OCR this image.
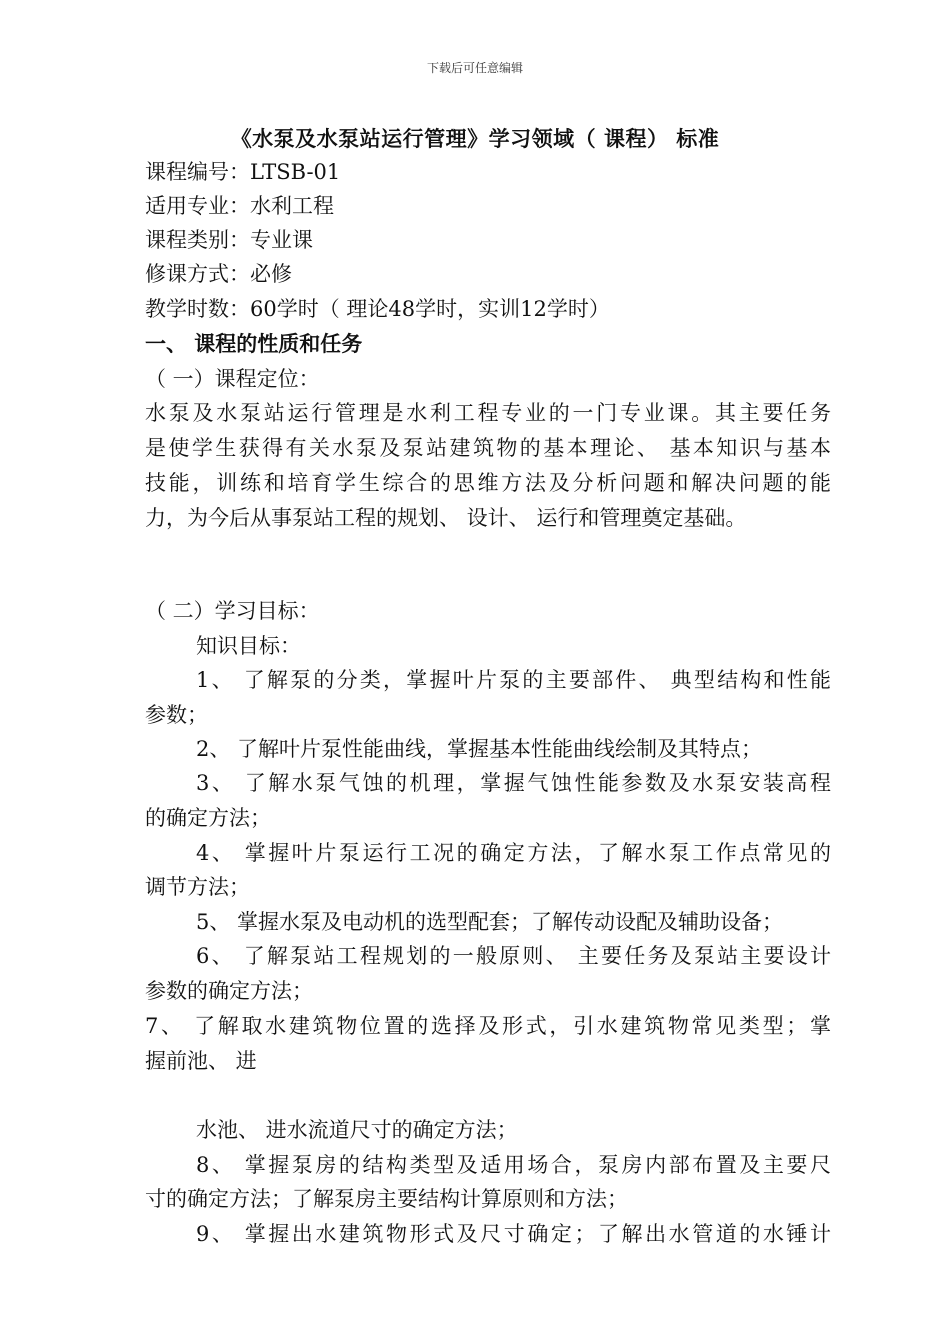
下载后可任意编辑
《水泵及水泵站运行管理》学习领域（ 课程） 标准
课程编号：LTSB-01
适用专业：水利工程
课程类别：专业课
修课方式：必修
教学时数：60学时（ 理论48学时，实训12学时）
一、 课程的性质和任务
（ 一）课程定位：
水泵及水泵站运行管理是水利工程专业的一门专业课。其主要任务
是使学生获得有关水泵及泵站建筑物的基本理论、 基本知识与基本
技能，训练和培育学生综合的思维方法及分析问题和解决问题的能
力，为今后从事泵站工程的规划、 设计、 运行和管理奠定基础。
（ 二）学习目标：
知识目标：
1、 了解泵的分类，掌握叶片泵的主要部件、 典型结构和性能
参数；
2、 了解叶片泵性能曲线，掌握基本性能曲线绘制及其特点；
3、 了解水泵气蚀的机理，掌握气蚀性能参数及水泵安装高程
的确定方法；
4、 掌握叶片泵运行工况的确定方法，了解水泵工作点常见的
调节方法；
5、 掌握水泵及电动机的选型配套；了解传动设配及辅助设备；
6、 了解泵站工程规划的一般原则、 主要任务及泵站主要设计
参数的确定方法；
7、 了解取水建筑物位置的选择及形式，引水建筑物常见类型；掌
握前池、 进
水池、 进水流道尺寸的确定方法；
8、 掌握泵房的结构类型及适用场合，泵房内部布置及主要尺
寸的确定方法；了解泵房主要结构计算原则和方法；
9、 掌握出水建筑物形式及尺寸确定；了解出水管道的水锤计
